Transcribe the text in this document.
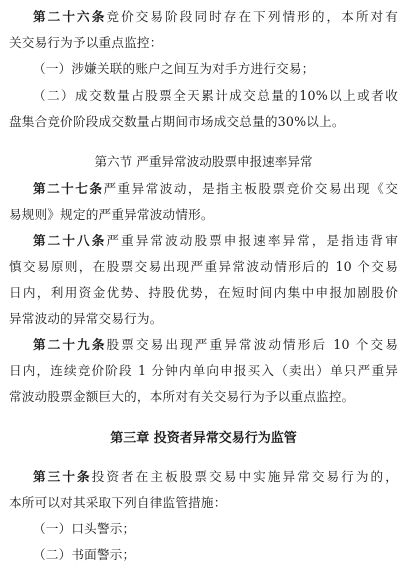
第二十六条竞价交易阶段同时存在下列情形的，本所对有
关交易行为予以重点监控：
（一）涉嫌关联的账户之间互为对手方进行交易；
（二）成交数量占股票全天累计成交总量的10%以上或者收
盘集合竞价阶段成交数量占期间市场成交总量的30%以上。
第六节 严重异常波动股票申报速率异常
第二十七条严重异常波动，是指主板股票竞价交易出现《交
易规则》规定的严重异常波动情形。
第二十八条严重异常波动股票申报速率异常，是指违背审
慎交易原则，在股票交易出现严重异常波动情形后的 10 个交易
日内，利用资金优势、持股优势，在短时间内集中申报加剧股价
异常波动的异常交易行为。
第二十九条股票交易出现严重异常波动情形后 10 个交易
日内，连续竞价阶段 1 分钟内单向申报买入（卖出）单只严重异
常波动股票金额巨大的，本所对有关交易行为予以重点监控。
第三章 投资者异常交易行为监管
第三十条投资者在主板股票交易中实施异常交易行为的，
本所可以对其采取下列自律监管措施：
（一）口头警示；
（二）书面警示；
